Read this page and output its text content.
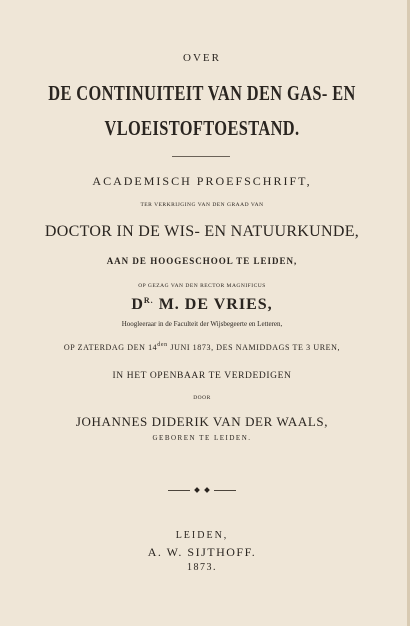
OVER
DE CONTINUITEIT VAN DEN GAS- EN
VLOEISTOFTOESTAND.
ACADEMISCH PROEFSCHRIFT,
TER VERKRIJGING VAN DEN GRAAD VAN
DOCTOR IN DE WIS- EN NATUURKUNDE,
AAN DE HOOGESCHOOL TE LEIDEN,
OP GEZAG VAN DEN RECTOR MAGNIFICUS
$D^{R.}$ M. DE VRIES,
Hoogleeraar in de Faculteit der Wijsbegeerte en Letteren,
OP ZATERDAG DEN $14^{den}$ JUNI 1873, DES NAMIDDAGS TE 3 UREN,
IN HET OPENBAAR TE VERDEDIGEN
DOOR
JOHANNES DIDERIK VAN DER WAALS,
GEBOREN TE LEIDEN.

LEIDEN,
A. W. SIJTHOFF.
1873.
